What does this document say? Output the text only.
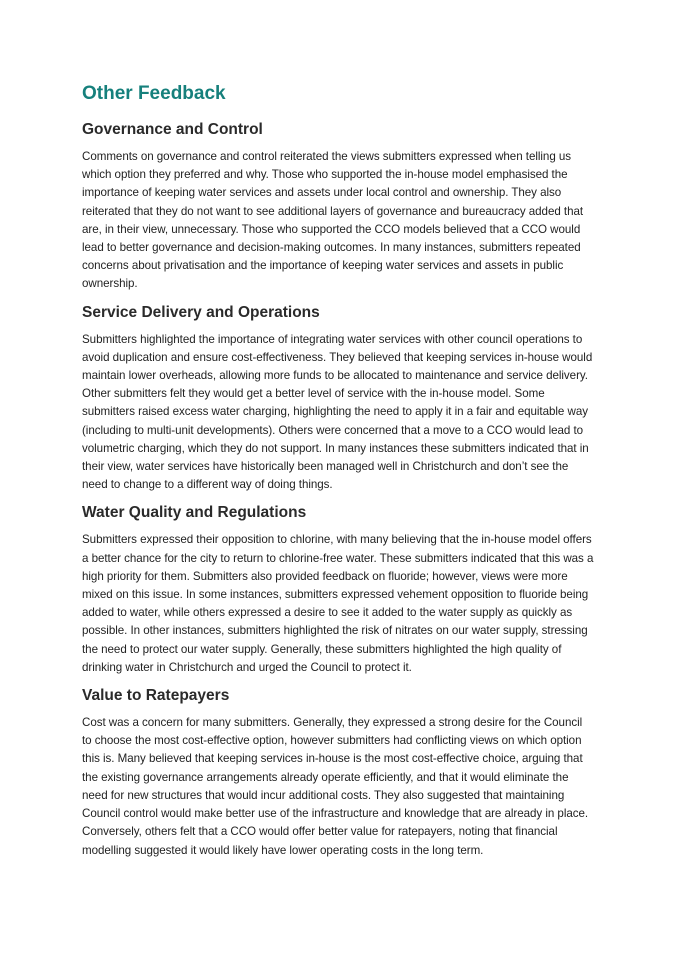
Other Feedback
Governance and Control

Comments on governance and control reiterated the views submitters expressed when telling us which option they preferred and why. Those who supported the in-house model emphasised the importance of keeping water services and assets under local control and ownership. They also reiterated that they do not want to see additional layers of governance and bureaucracy added that are, in their view, unnecessary. Those who supported the CCO models believed that a CCO would lead to better governance and decision-making outcomes. In many instances, submitters repeated concerns about privatisation and the importance of keeping water services and assets in public ownership.

Service Delivery and Operations

Submitters highlighted the importance of integrating water services with other council operations to avoid duplication and ensure cost-effectiveness. They believed that keeping services in-house would maintain lower overheads, allowing more funds to be allocated to maintenance and service delivery. Other submitters felt they would get a better level of service with the in-house model. Some submitters raised excess water charging, highlighting the need to apply it in a fair and equitable way (including to multi-unit developments). Others were concerned that a move to a CCO would lead to volumetric charging, which they do not support. In many instances these submitters indicated that in their view, water services have historically been managed well in Christchurch and don’t see the need to change to a different way of doing things.

Water Quality and Regulations

Submitters expressed their opposition to chlorine, with many believing that the in-house model offers a better chance for the city to return to chlorine-free water. These submitters indicated that this was a high priority for them. Submitters also provided feedback on fluoride; however, views were more mixed on this issue. In some instances, submitters expressed vehement opposition to fluoride being added to water, while others expressed a desire to see it added to the water supply as quickly as possible. In other instances, submitters highlighted the risk of nitrates on our water supply, stressing the need to protect our water supply. Generally, these submitters highlighted the high quality of drinking water in Christchurch and urged the Council to protect it.

Value to Ratepayers

Cost was a concern for many submitters. Generally, they expressed a strong desire for the Council to choose the most cost-effective option, however submitters had conflicting views on which option this is. Many believed that keeping services in-house is the most cost-effective choice, arguing that the existing governance arrangements already operate efficiently, and that it would eliminate the need for new structures that would incur additional costs. They also suggested that maintaining Council control would make better use of the infrastructure and knowledge that are already in place. Conversely, others felt that a CCO would offer better value for ratepayers, noting that financial modelling suggested it would likely have lower operating costs in the long term.
